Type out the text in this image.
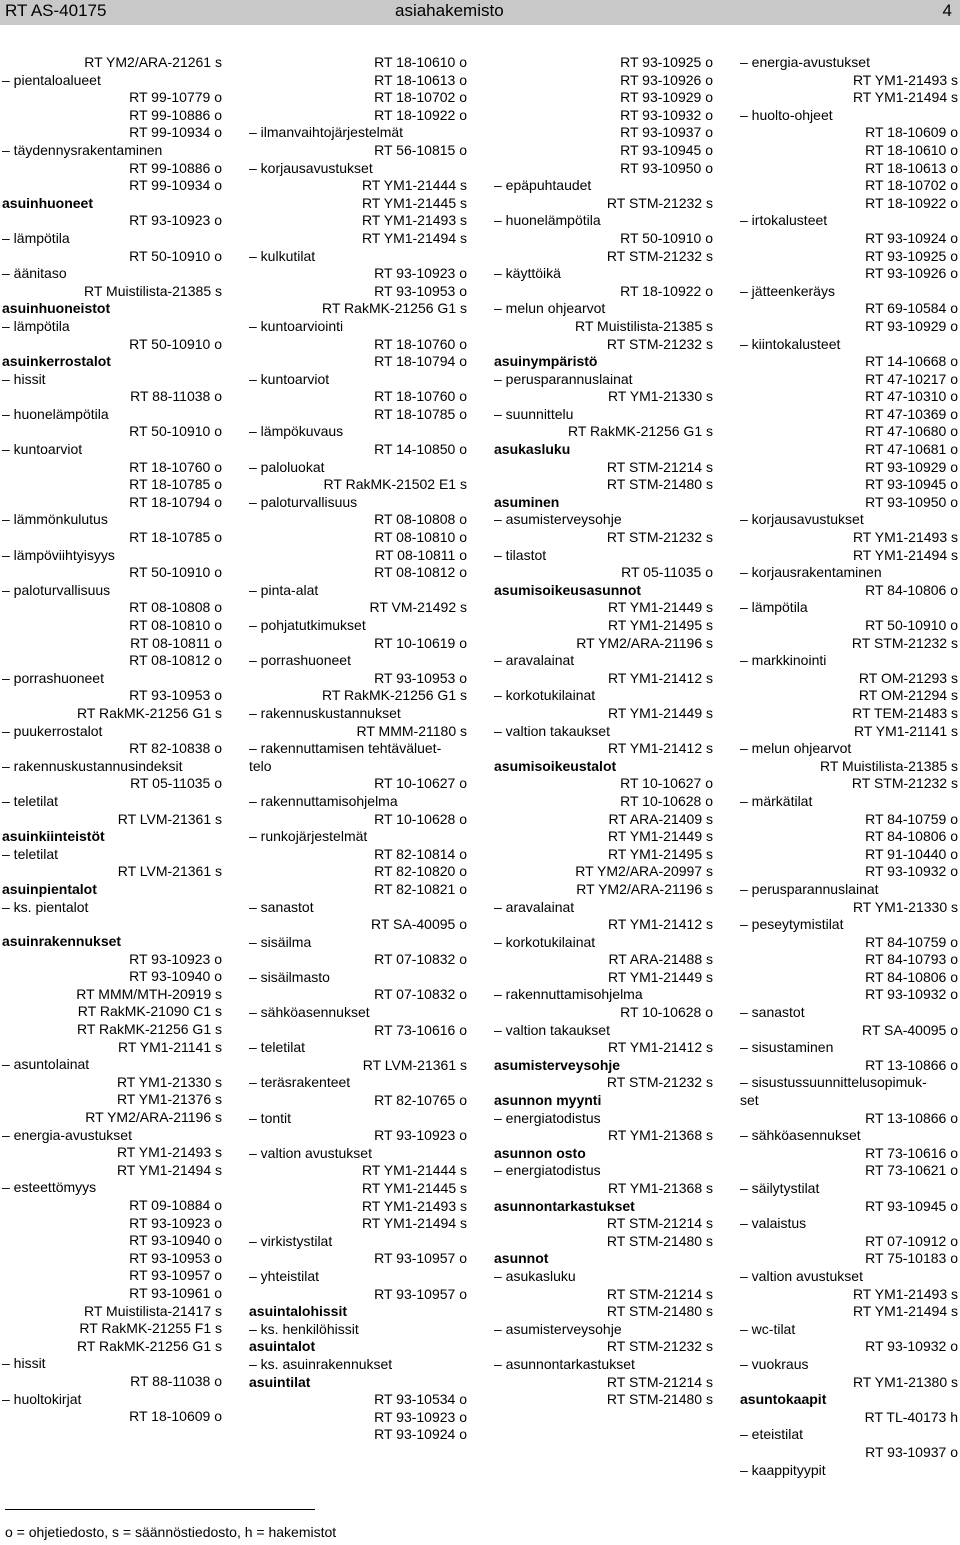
RT AS-40175	asiahakemisto	4
RT YM2/ARA-21261 s
– pientaloalueet
RT 99-10779 o
RT 99-10886 o
RT 99-10934 o
– täydennysrakentaminen
RT 99-10886 o
RT 99-10934 o
asuinhuoneet
RT 93-10923 o
– lämpötila
RT 50-10910 o
– äänitaso
RT Muistilista-21385 s
asuinhuoneistot
– lämpötila
RT 50-10910 o
asuinkerrostalot
– hissit
RT 88-11038 o
– huonelämpötila
RT 50-10910 o
– kuntoarviot
RT 18-10760 o
RT 18-10785 o
RT 18-10794 o
– lämmönkulutus
RT 18-10785 o
– lämpöviihtyisyys
RT 50-10910 o
– paloturvallisuus
RT 08-10808 o
RT 08-10810 o
RT 08-10811 o
RT 08-10812 o
– porrashuoneet
RT 93-10953 o
RT RakMK-21256 G1 s
– puukerrostalot
RT 82-10838 o
– rakennuskustannusindeksit
RT 05-11035 o
– teletilat
RT LVM-21361 s
asuinkiinteistöt
– teletilat
RT LVM-21361 s
asuinpientalot
– ks. pientalot
asuinrakennukset
RT 93-10923 o
RT 93-10940 o
RT MMM/MTH-20919 s
RT RakMK-21090 C1 s
RT RakMK-21256 G1 s
RT YM1-21141 s
– asuntolainat
RT YM1-21330 s
RT YM1-21376 s
RT YM2/ARA-21196 s
– energia-avustukset
RT YM1-21493 s
RT YM1-21494 s
– esteettömyys
RT 09-10884 o
RT 93-10923 o
RT 93-10940 o
RT 93-10953 o
RT 93-10957 o
RT 93-10961 o
RT Muistilista-21417 s
RT RakMK-21255 F1 s
RT RakMK-21256 G1 s
– hissit
RT 88-11038 o
– huoltokirjat
RT 18-10609 o
RT 18-10610 o
RT 18-10613 o
RT 18-10702 o
RT 18-10922 o
– ilmanvaihtojärjestelmät
RT 56-10815 o
– korjausavustukset
RT YM1-21444 s
RT YM1-21445 s
RT YM1-21493 s
RT YM1-21494 s
– kulkutilat
RT 93-10923 o
RT 93-10953 o
RT RakMK-21256 G1 s
– kuntoarviointi
RT 18-10760 o
RT 18-10794 o
– kuntoarviot
RT 18-10760 o
RT 18-10785 o
– lämpökuvaus
RT 14-10850 o
– paloluokat
RT RakMK-21502 E1 s
– paloturvallisuus
RT 08-10808 o
RT 08-10810 o
RT 08-10811 o
RT 08-10812 o
– pinta-alat
RT VM-21492 s
– pohjatutkimukset
RT 10-10619 o
– porrashuoneet
RT 93-10953 o
RT RakMK-21256 G1 s
– rakennuskustannukset
RT MMM-21180 s
– rakennuttamisen tehtäväluet-
telo
RT 10-10627 o
– rakennuttamisohjelma
RT 10-10628 o
– runkojärjestelmät
RT 82-10814 o
RT 82-10820 o
RT 82-10821 o
– sanastot
RT SA-40095 o
– sisäilma
RT 07-10832 o
– sisäilmasto
RT 07-10832 o
– sähköasennukset
RT 73-10616 o
– teletilat
RT LVM-21361 s
– teräsrakenteet
RT 82-10765 o
– tontit
RT 93-10923 o
– valtion avustukset
RT YM1-21444 s
RT YM1-21445 s
RT YM1-21493 s
RT YM1-21494 s
– virkistystilat
RT 93-10957 o
– yhteistilat
RT 93-10957 o
asuintalohissit
– ks. henkilöhissit
asuintalot
– ks. asuinrakennukset
asuintilat
RT 93-10534 o
RT 93-10923 o
RT 93-10924 o
RT 93-10925 o
RT 93-10926 o
RT 93-10929 o
RT 93-10932 o
RT 93-10937 o
RT 93-10945 o
RT 93-10950 o
– epäpuhtaudet
RT STM-21232 s
– huonelämpötila
RT 50-10910 o
RT STM-21232 s
– käyttöikä
RT 18-10922 o
– melun ohjearvot
RT Muistilista-21385 s
RT STM-21232 s
asuinympäristö
– perusparannuslainat
RT YM1-21330 s
– suunnittelu
RT RakMK-21256 G1 s
asukasluku
RT STM-21214 s
RT STM-21480 s
asuminen
– asumisterveysohje
RT STM-21232 s
– tilastot
RT 05-11035 o
asumisoikeusasunnot
RT YM1-21449 s
RT YM1-21495 s
RT YM2/ARA-21196 s
– aravalainat
RT YM1-21412 s
– korkotukilainat
RT YM1-21449 s
– valtion takaukset
RT YM1-21412 s
asumisoikeustalot
RT 10-10627 o
RT 10-10628 o
RT ARA-21409 s
RT YM1-21449 s
RT YM1-21495 s
RT YM2/ARA-20997 s
RT YM2/ARA-21196 s
– aravalainat
RT YM1-21412 s
– korkotukilainat
RT ARA-21488 s
RT YM1-21449 s
– rakennuttamisohjelma
RT 10-10628 o
– valtion takaukset
RT YM1-21412 s
asumisterveysohje
RT STM-21232 s
asunnon myynti
– energiatodistus
RT YM1-21368 s
asunnon osto
– energiatodistus
RT YM1-21368 s
asunnontarkastukset
RT STM-21214 s
RT STM-21480 s
asunnot
– asukasluku
RT STM-21214 s
RT STM-21480 s
– asumisterveysohje
RT STM-21232 s
– asunnontarkastukset
RT STM-21214 s
RT STM-21480 s
– energia-avustukset
RT YM1-21493 s
RT YM1-21494 s
– huolto-ohjeet
RT 18-10609 o
RT 18-10610 o
RT 18-10613 o
RT 18-10702 o
RT 18-10922 o
– irtokalusteet
RT 93-10924 o
RT 93-10925 o
RT 93-10926 o
– jätteenkeräys
RT 69-10584 o
RT 93-10929 o
– kiintokalusteet
RT 14-10668 o
RT 47-10217 o
RT 47-10310 o
RT 47-10369 o
RT 47-10680 o
RT 47-10681 o
RT 93-10929 o
RT 93-10945 o
RT 93-10950 o
– korjausavustukset
RT YM1-21493 s
RT YM1-21494 s
– korjausrakentaminen
RT 84-10806 o
– lämpötila
RT 50-10910 o
RT STM-21232 s
– markkinointi
RT OM-21293 s
RT OM-21294 s
RT TEM-21483 s
RT YM1-21141 s
– melun ohjearvot
RT Muistilista-21385 s
RT STM-21232 s
– märkätilat
RT 84-10759 o
RT 84-10806 o
RT 91-10440 o
RT 93-10932 o
– perusparannuslainat
RT YM1-21330 s
– peseytymistilat
RT 84-10759 o
RT 84-10793 o
RT 84-10806 o
RT 93-10932 o
– sanastot
RT SA-40095 o
– sisustaminen
RT 13-10866 o
– sisustussuunnittelusopimuk-
set
RT 13-10866 o
– sähköasennukset
RT 73-10616 o
RT 73-10621 o
– säilytystilat
RT 93-10945 o
– valaistus
RT 07-10912 o
RT 75-10183 o
– valtion avustukset
RT YM1-21493 s
RT YM1-21494 s
– wc-tilat
RT 93-10932 o
– vuokraus
RT YM1-21380 s
asuntokaapit
RT TL-40173 h
– eteistilat
RT 93-10937 o
– kaappityypit
o = ohjetiedosto, s = säännöstiedosto, h = hakemistot
